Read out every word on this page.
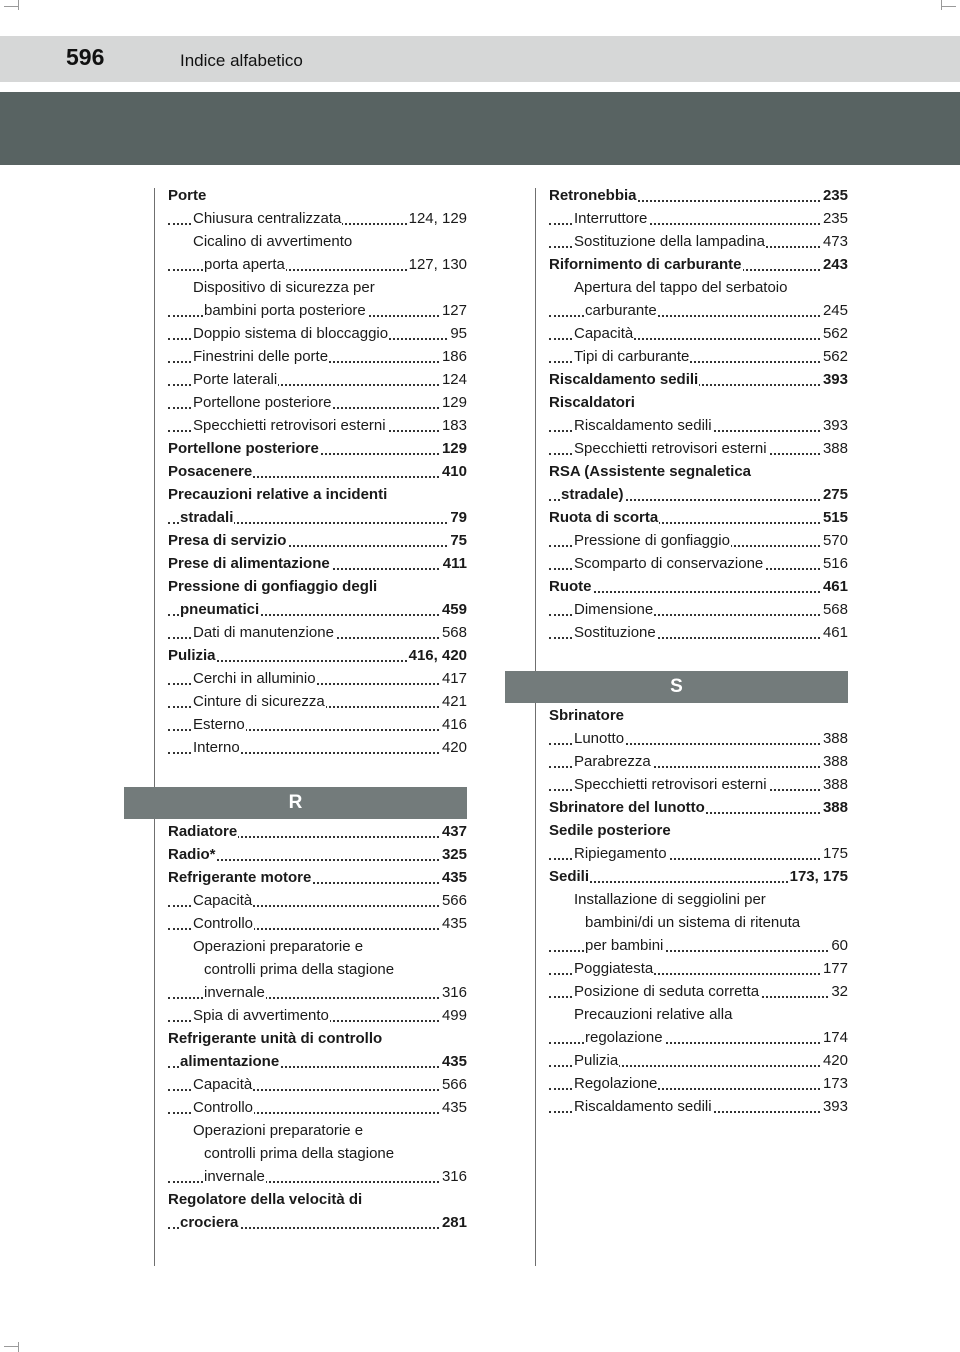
596	Indice alfabetico
Porte
Chiusura centralizzata	124, 129
Cicalino di avvertimento
porta aperta	127, 130
Dispositivo di sicurezza per
bambini porta posteriore	127
Doppio sistema di bloccaggio	95
Finestrini delle porte	186
Porte laterali	124
Portellone posteriore	129
Specchietti retrovisori esterni	183
Portellone posteriore	129
Posacenere	410
Precauzioni relative a incidenti
stradali	79
Presa di servizio	75
Prese di alimentazione	411
Pressione di gonfiaggio degli
pneumatici	459
Dati di manutenzione	568
Pulizia	416, 420
Cerchi in alluminio	417
Cinture di sicurezza	421
Esterno	416
Interno	420
R
Radiatore	437
Radio*	325
Refrigerante motore	435
Capacità	566
Controllo	435
Operazioni preparatorie e
controlli prima della stagione
invernale	316
Spia di avvertimento	499
Refrigerante unità di controllo
alimentazione	435
Capacità	566
Controllo	435
Operazioni preparatorie e
controlli prima della stagione
invernale	316
Regolatore della velocità di
crociera	281
Retronebbia	235
Interruttore	235
Sostituzione della lampadina	473
Rifornimento di carburante	243
Apertura del tappo del serbatoio
carburante	245
Capacità	562
Tipi di carburante	562
Riscaldamento sedili	393
Riscaldatori
Riscaldamento sedili	393
Specchietti retrovisori esterni	388
RSA (Assistente segnaletica
stradale)	275
Ruota di scorta	515
Pressione di gonfiaggio	570
Scomparto di conservazione	516
Ruote	461
Dimensione	568
Sostituzione	461
S
Sbrinatore
Lunotto	388
Parabrezza	388
Specchietti retrovisori esterni	388
Sbrinatore del lunotto	388
Sedile posteriore
Ripiegamento	175
Sedili	173, 175
Installazione di seggiolini per
bambini/di un sistema di ritenuta
per bambini	60
Poggiatesta	177
Posizione di seduta corretta	32
Precauzioni relative alla
regolazione	174
Pulizia	420
Regolazione	173
Riscaldamento sedili	393
